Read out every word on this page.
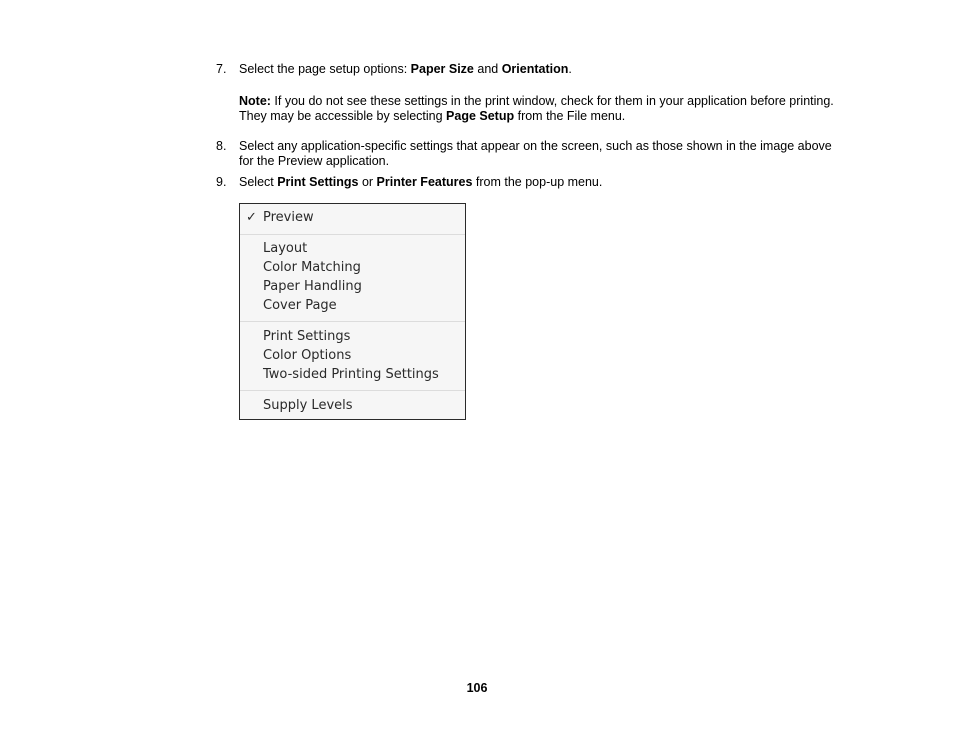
7. Select the page setup options: Paper Size and Orientation.
Note: If you do not see these settings in the print window, check for them in your application before printing. They may be accessible by selecting Page Setup from the File menu.
8. Select any application-specific settings that appear on the screen, such as those shown in the image above for the Preview application.
9. Select Print Settings or Printer Features from the pop-up menu.
✓ Preview
Layout
Color Matching
Paper Handling
Cover Page
Print Settings
Color Options
Two-sided Printing Settings
Supply Levels
106
